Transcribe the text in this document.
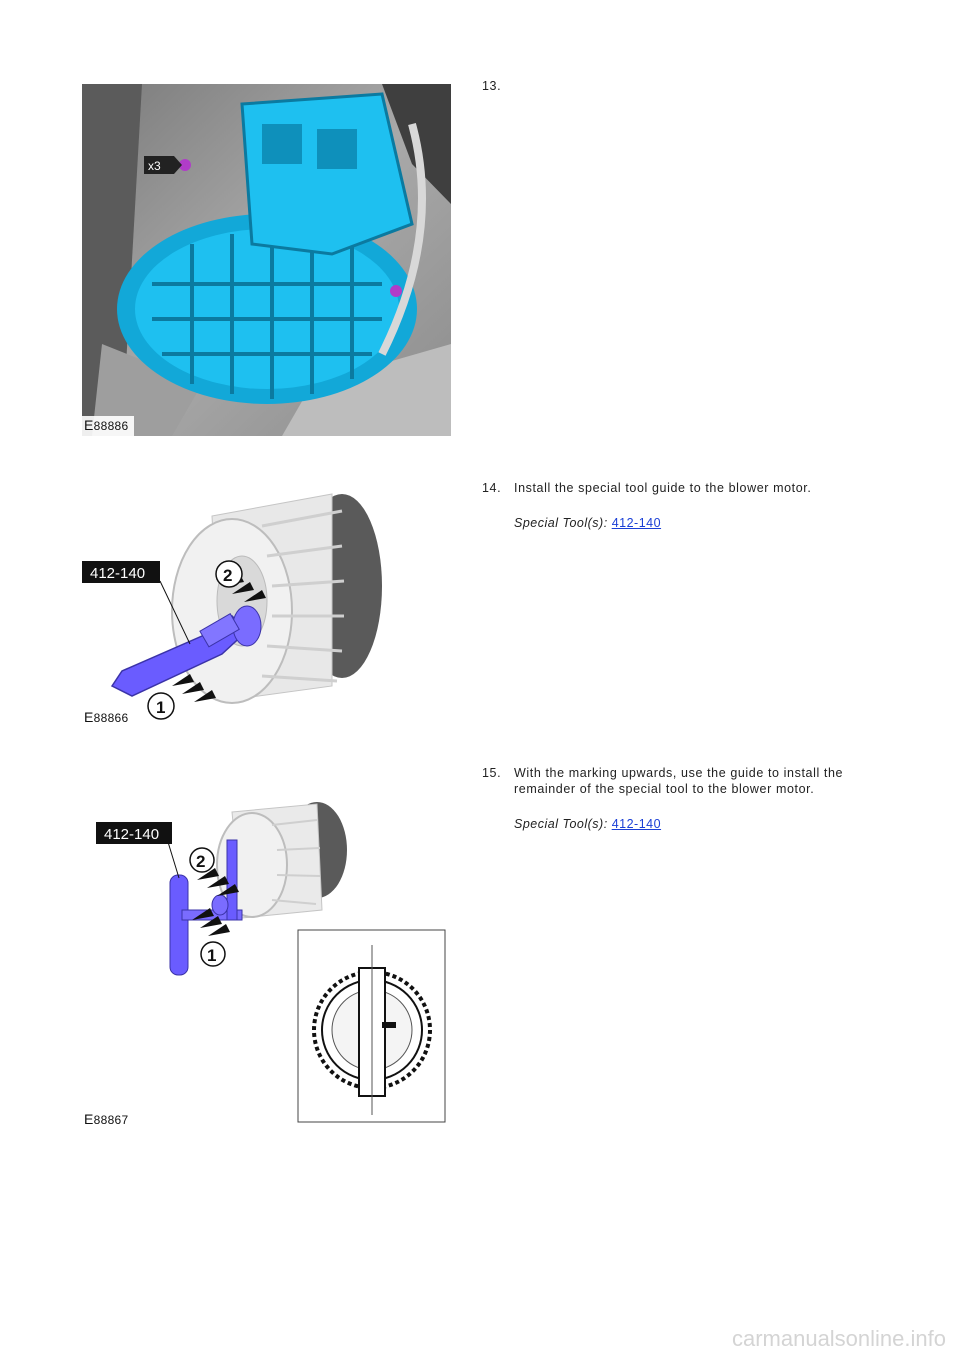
x3
E88886
13.
412-140	2
1
E88866
14. Install the special tool guide to the blower motor.
Special Tool(s): 412-140
412-140
2
1
E88867
15. With the marking upwards, use the guide to install the remainder of the special tool to the blower motor.
Special Tool(s): 412-140
carmanualsonline.info
